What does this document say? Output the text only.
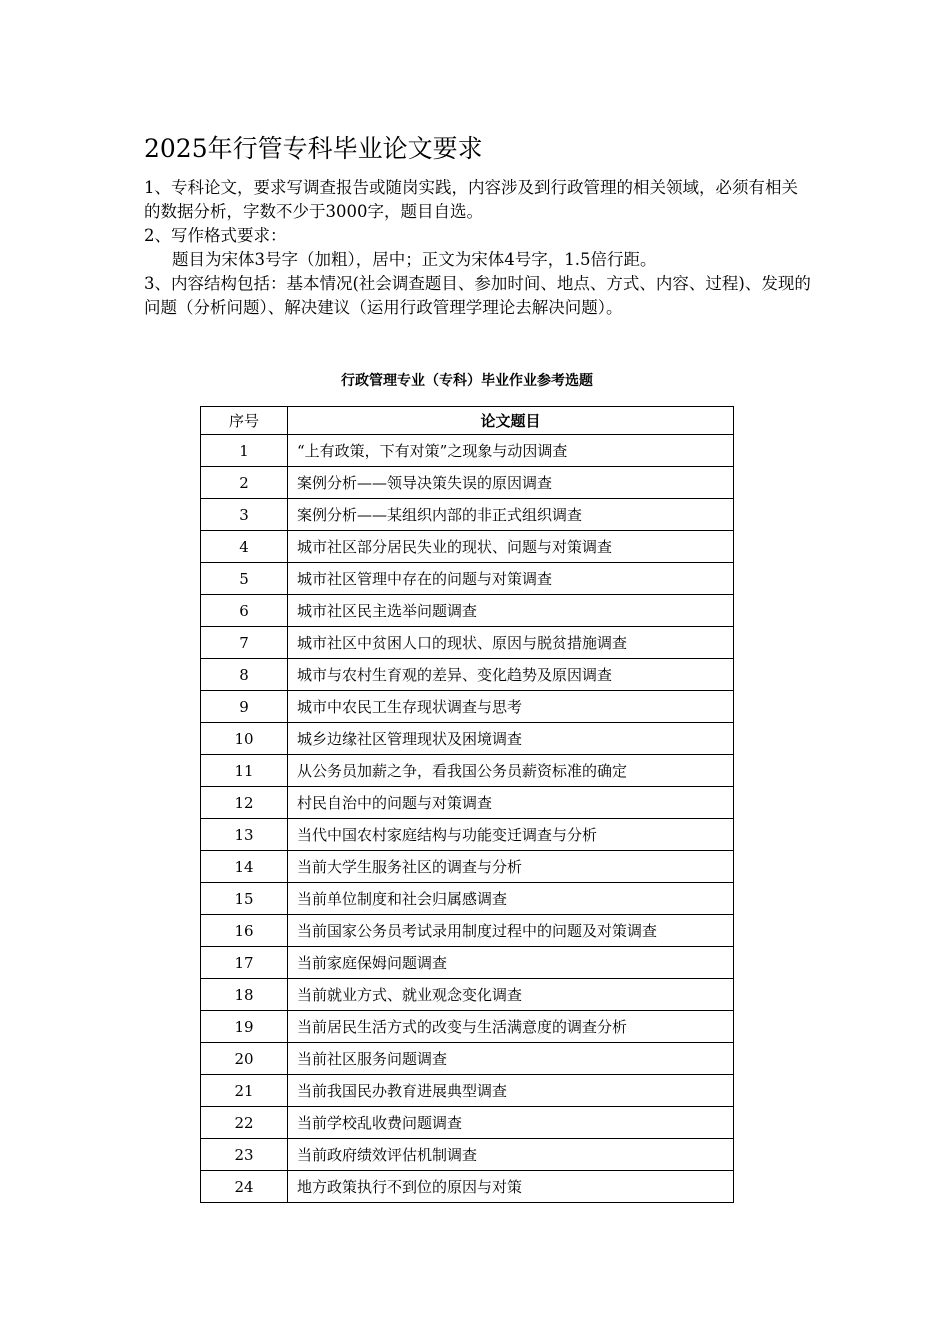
2025年行管专科毕业论文要求
1、专科论文，要求写调查报告或随岗实践，内容涉及到行政管理的相关领域，必须有相关的数据分析，字数不少于3000字，题目自选。
2、写作格式要求：
题目为宋体3号字（加粗），居中；正文为宋体4号字，1.5倍行距。
3、内容结构包括：基本情况(社会调查题目、参加时间、地点、方式、内容、过程)、发现的问题（分析问题）、解决建议（运用行政管理学理论去解决问题）。
行政管理专业（专科）毕业作业参考选题
序号	论文题目
1	“上有政策，下有对策”之现象与动因调查
2	案例分析——领导决策失误的原因调查
3	案例分析——某组织内部的非正式组织调查
4	城市社区部分居民失业的现状、问题与对策调查
5	城市社区管理中存在的问题与对策调查
6	城市社区民主选举问题调查
7	城市社区中贫困人口的现状、原因与脱贫措施调查
8	城市与农村生育观的差异、变化趋势及原因调查
9	城市中农民工生存现状调查与思考
10	城乡边缘社区管理现状及困境调查
11	从公务员加薪之争，看我国公务员薪资标准的确定
12	村民自治中的问题与对策调查
13	当代中国农村家庭结构与功能变迁调查与分析
14	当前大学生服务社区的调查与分析
15	当前单位制度和社会归属感调查
16	当前国家公务员考试录用制度过程中的问题及对策调查
17	当前家庭保姆问题调查
18	当前就业方式、就业观念变化调查
19	当前居民生活方式的改变与生活满意度的调查分析
20	当前社区服务问题调查
21	当前我国民办教育进展典型调查
22	当前学校乱收费问题调查
23	当前政府绩效评估机制调查
24	地方政策执行不到位的原因与对策
